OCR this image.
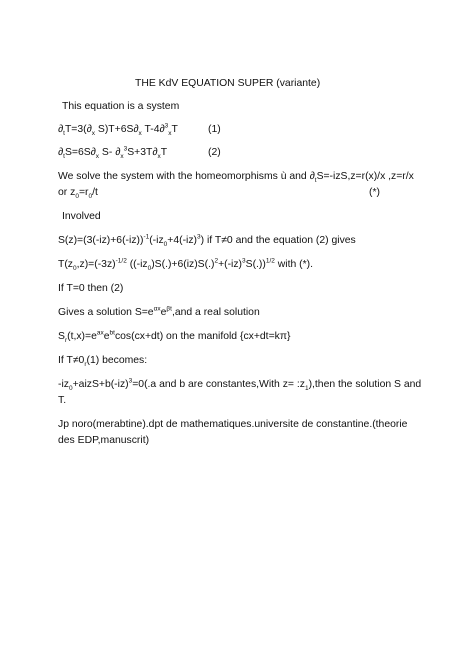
THE KdV EQUATION SUPER (variante)
This equation is a system
$\partial_tT=3(\partial_x$ $S)T+6S\partial_x$ T-4∂$^3_x$T	(1)
$\partial_tS=6S\partial_x$ S- $\partial_x^3S+3T\partial_xT$	(2)
We solve the system with the homeomorphisms ù and $\partial_tS=-izS,z=r(x)/x$ ,z=r/x
or $z_0=r_0/t$	(*)
Involved
$S(z)=(3(-iz)+6(-iz))^{-1}(-iz_0+4(-iz)^3)$ if T≠0 and the equation (2) gives
$T(z_0,z)=(-3z)^{-1/2}$ $((-iz_0)S(.)+6(iz)S(.)^2+(-iz)^3S(.))^{1/2}$ with (*).
If T=0 then (2)
Gives a solution $S=e^{\alpha x}e^{\beta t},and$ a real solution
$S_r(t,x)=e^{ax}e^{bt}\cos(cx+dt)$ on the manifold {cx+dt=kπ}
If $T\ne 0_r(1)$ becomes:
$-iz_0+aizS+b(-iz)^3=0(.a$ and b are constantes,With $z= :z_1),then$ the solution S and
T.
Jp noro(merabtine).dpt de mathematiques.universite de constantine.(theorie
des EDP,manuscrit)
